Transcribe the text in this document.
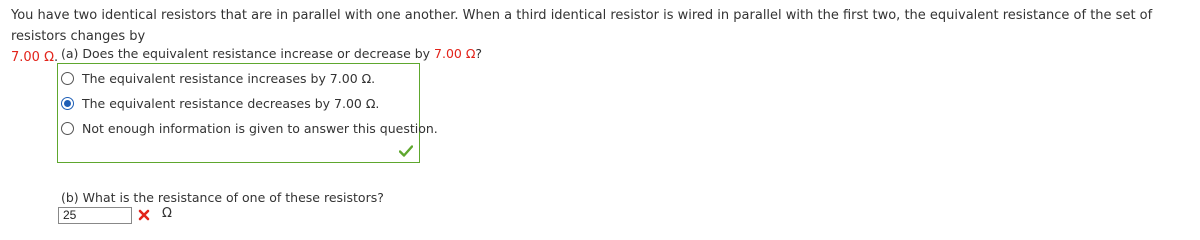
You have two identical resistors that are in parallel with one another. When a third identical resistor is wired in parallel with the first two, the equivalent resistance of the set of resistors changes by
7.00 Ω. (a) Does the equivalent resistance increase or decrease by 7.00 Ω?
The equivalent resistance increases by 7.00 Ω.
The equivalent resistance decreases by 7.00 Ω.
Not enough information is given to answer this question.
(b) What is the resistance of one of these resistors?
25	Ω
